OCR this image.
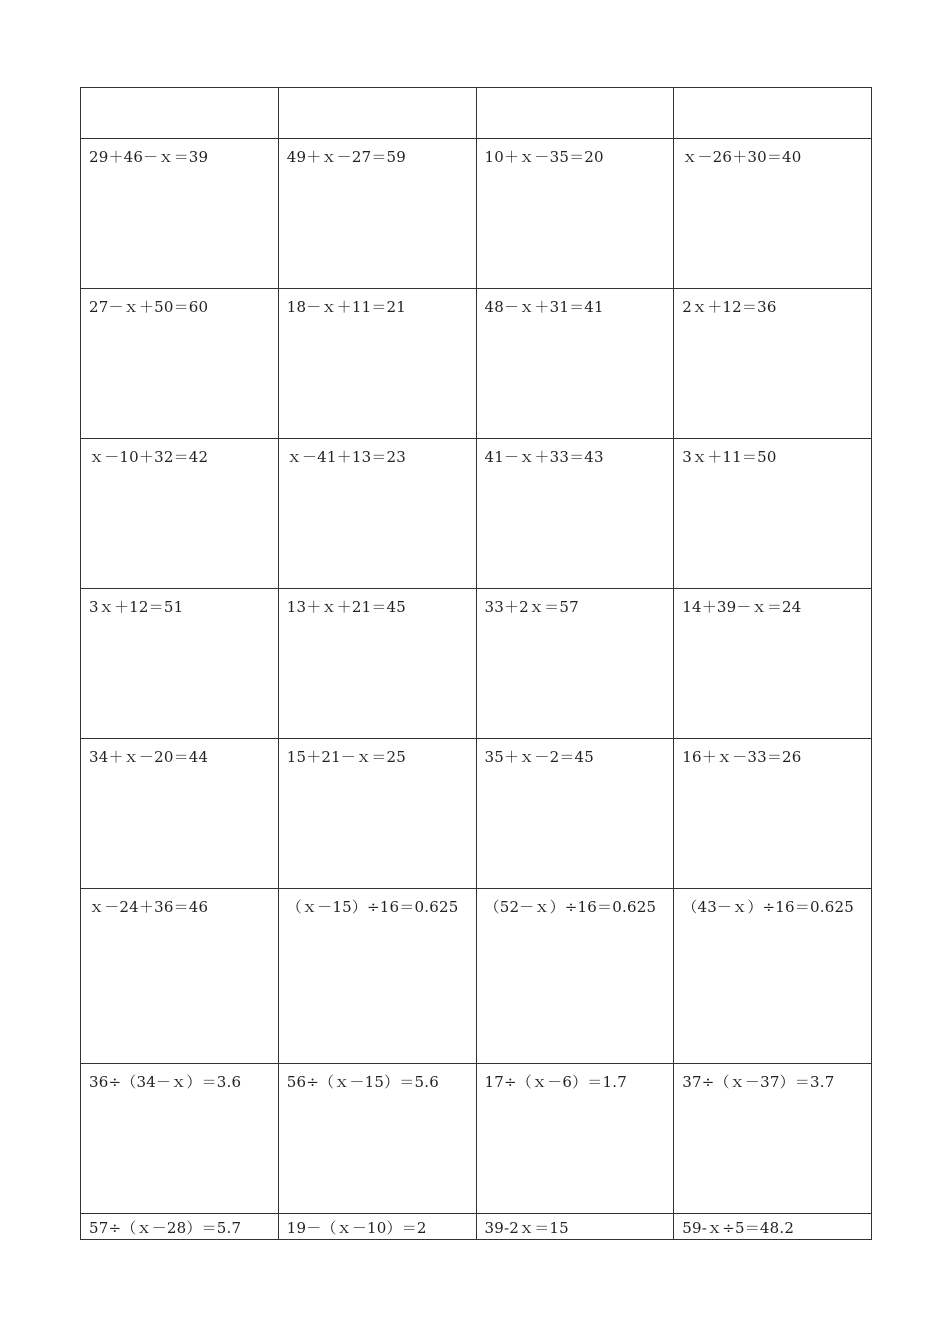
29＋46－ｘ＝39	49＋ｘ－27＝59	10＋ｘ－35＝20	ｘ－26＋30＝40
27－ｘ＋50＝60	18－ｘ＋11＝21	48－ｘ＋31＝41	2ｘ＋12＝36
ｘ－10＋32＝42	ｘ－41＋13＝23	41－ｘ＋33＝43	3ｘ＋11＝50
3ｘ＋12＝51	13＋ｘ＋21＝45	33＋2ｘ＝57	14＋39－ｘ＝24
34＋ｘ－20＝44	15＋21－ｘ＝25	35＋ｘ－2＝45	16＋ｘ－33＝26
ｘ－24＋36＝46	（ｘ－15）÷16＝0.625	（52－ｘ）÷16＝0.625	（43－ｘ）÷16＝0.625
36÷（34－ｘ）＝3.6	56÷（ｘ－15）＝5.6	17÷（ｘ－6）＝1.7	37÷（ｘ－37）＝3.7
57÷（ｘ－28）＝5.7	19－（ｘ－10）＝2	39-2ｘ＝15	59-ｘ÷5＝48.2
